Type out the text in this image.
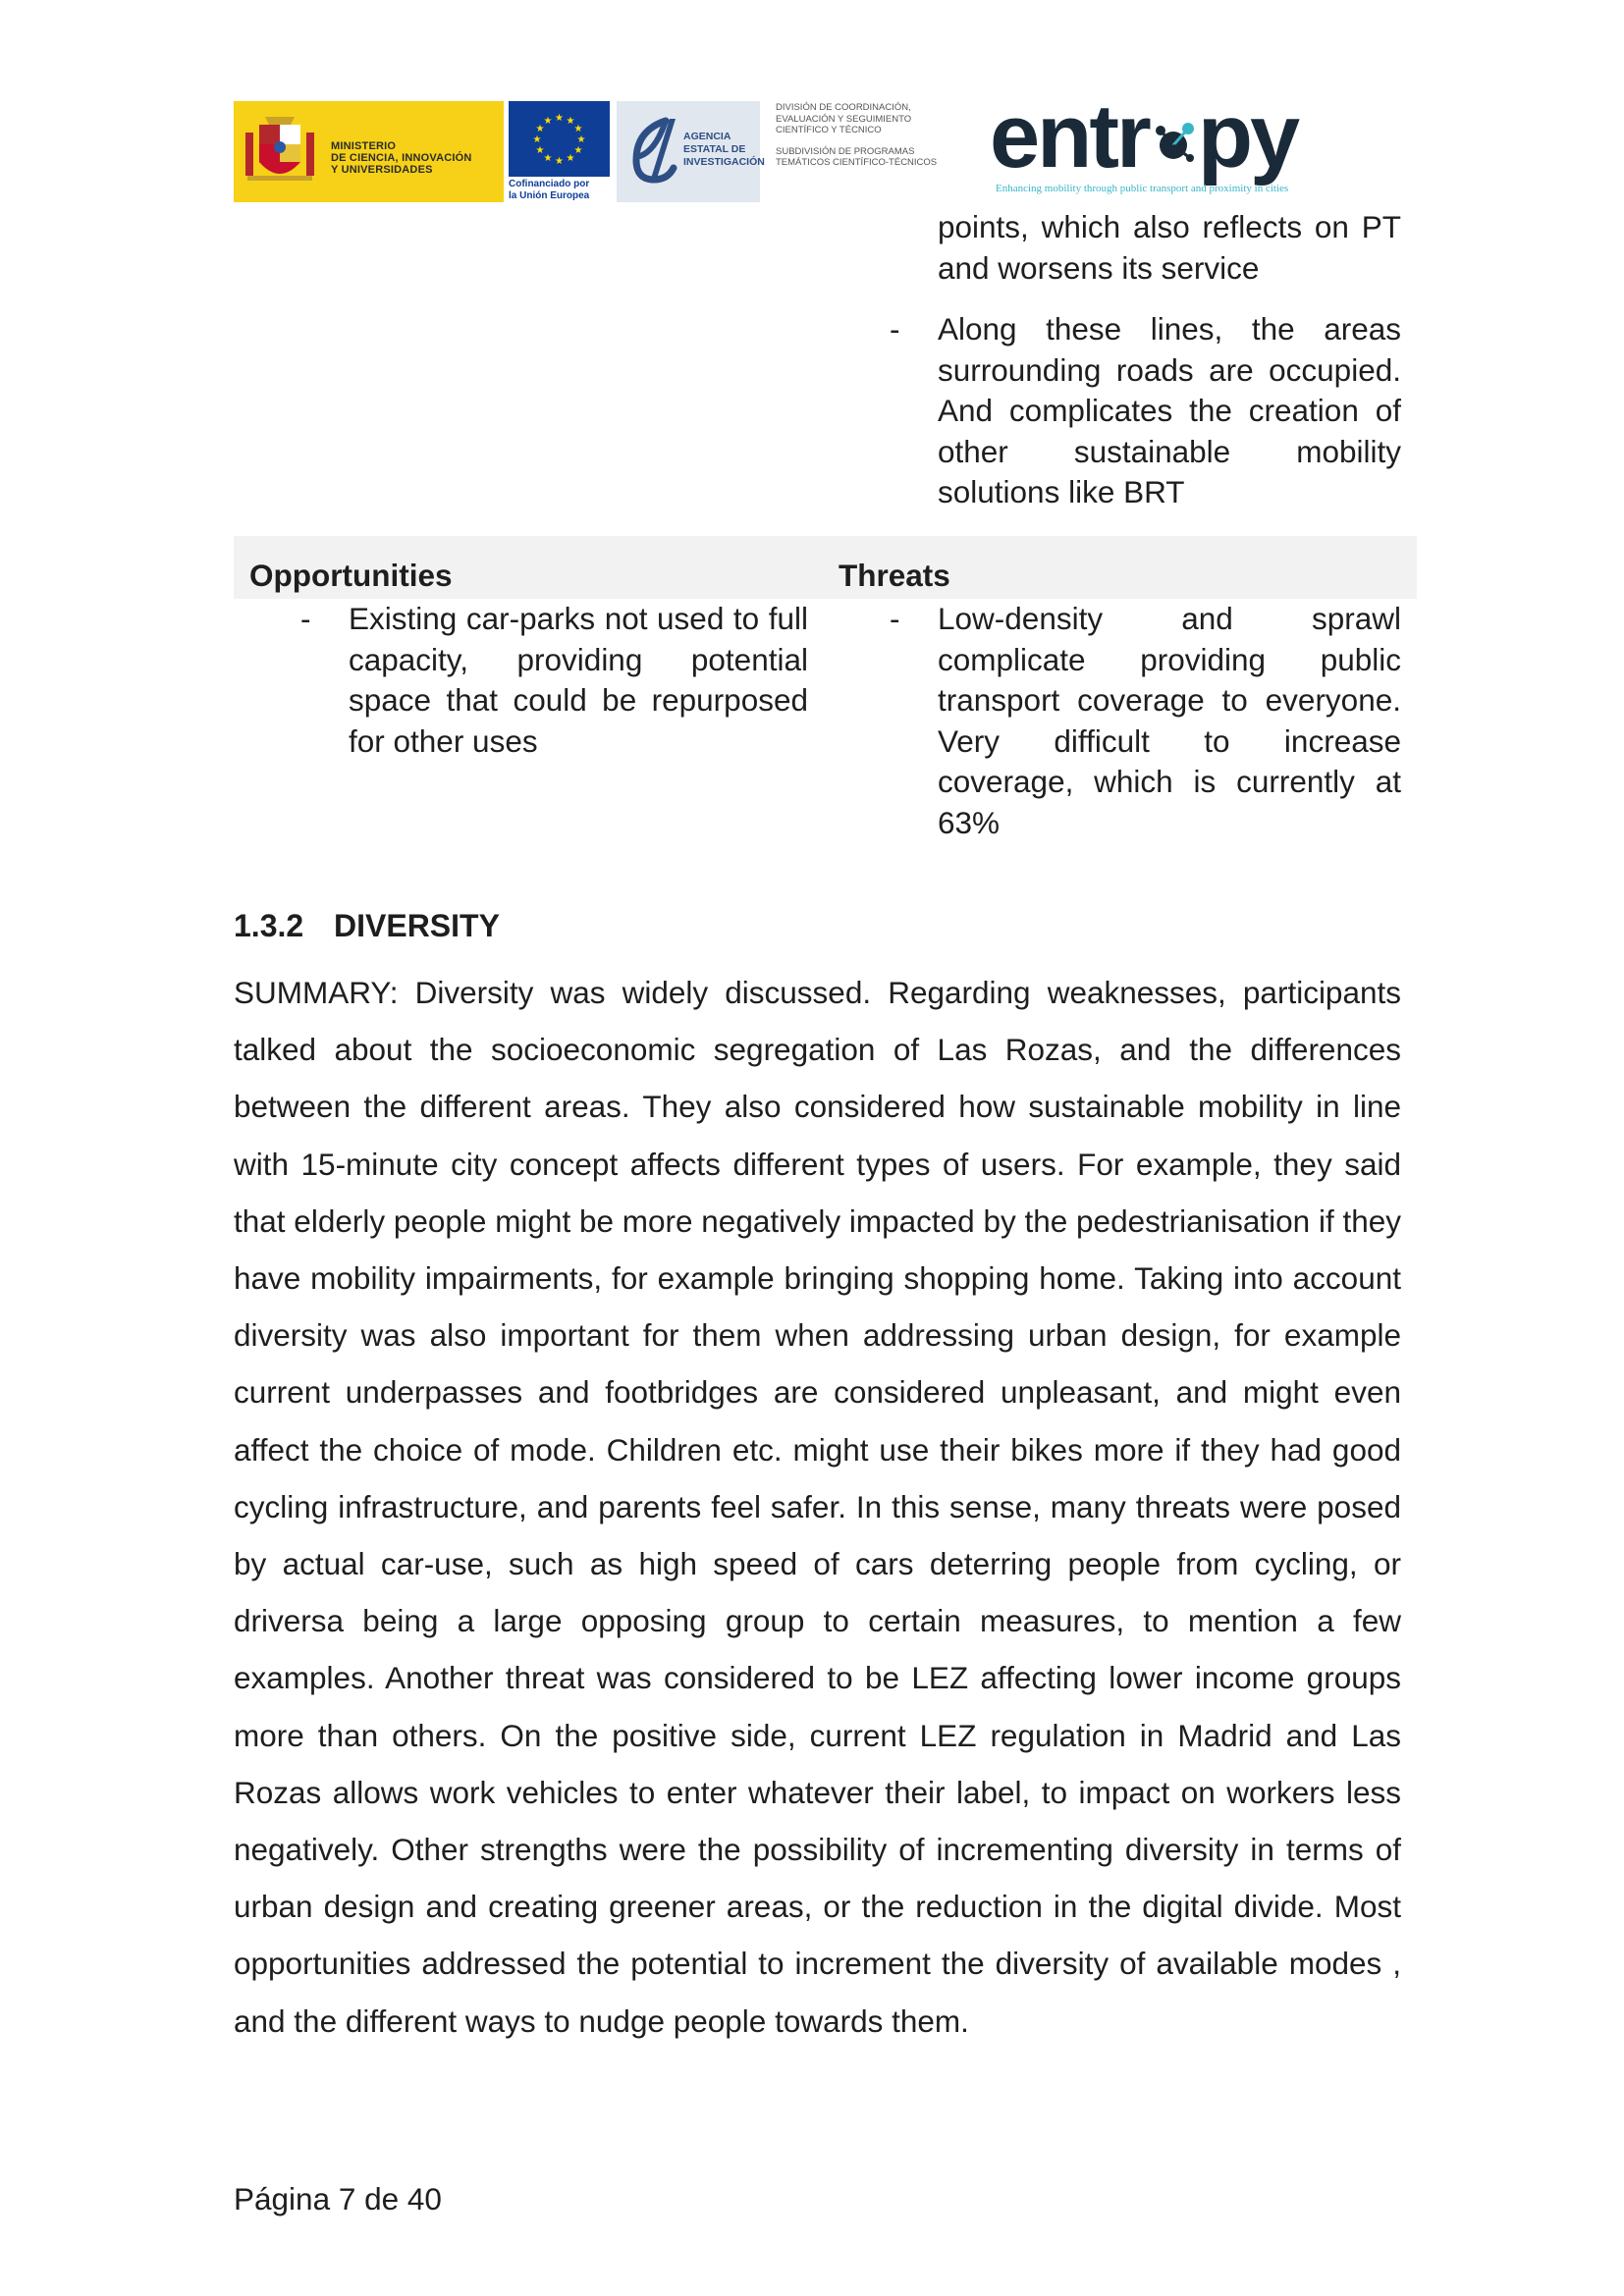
MINISTERIO
DE CIENCIA, INNOVACIÓN
Y UNIVERSIDADES
★ ★
★
★
★
★
★
★
★
★
★
★
Cofinanciado por
la Unión Europea
AGENCIA
ESTATAL DE
INVESTIGACIÓN
DIVISIÓN DE COORDINACIÓN,
EVALUACIÓN Y SEGUIMIENTO
CIENTÍFICO Y TÉCNICO
SUBDIVISIÓN DE PROGRAMAS
TEMÁTICOS CIENTÍFICO-TÉCNICOS entr py
Enhancing mobility through public transport and proximity in cities
points, which also reflects on PT and worsens its service
- Along these lines, the areas surrounding roads are occupied. And complicates the creation of other sustainable mobility solutions like BRT
Opportunities	Threats
- Existing car-parks not used to full capacity, providing potential space that could be repurposed for other uses
- Low-density and sprawl complicate providing public transport coverage to everyone. Very difficult to increase coverage, which is currently at 63%
1.3.2 DIVERSITY
SUMMARY: Diversity was widely discussed. Regarding weaknesses, participants talked about the socioeconomic segregation of Las Rozas, and the differences between the different areas. They also considered how sustainable mobility in line with 15-minute city concept affects different types of users. For example, they said that elderly people might be more negatively impacted by the pedestrianisation if they have mobility impairments, for example bringing shopping home. Taking into account diversity was also important for them when addressing urban design, for example current underpasses and footbridges are considered unpleasant, and might even affect the choice of mode. Children etc. might use their bikes more if they had good cycling infrastructure, and parents feel safer. In this sense, many threats were posed by actual car-use, such as high speed of cars deterring people from cycling, or driversa being a large opposing group to certain measures, to mention a few examples. Another threat was considered to be LEZ affecting lower income groups more than others. On the positive side, current LEZ regulation in Madrid and Las Rozas allows work vehicles to enter whatever their label, to impact on workers less negatively. Other strengths were the possibility of incrementing diversity in terms of urban design and creating greener areas, or the reduction in the digital divide. Most opportunities addressed the potential to increment the diversity of available modes , and the different ways to nudge people towards them.
Página 7 de 40
